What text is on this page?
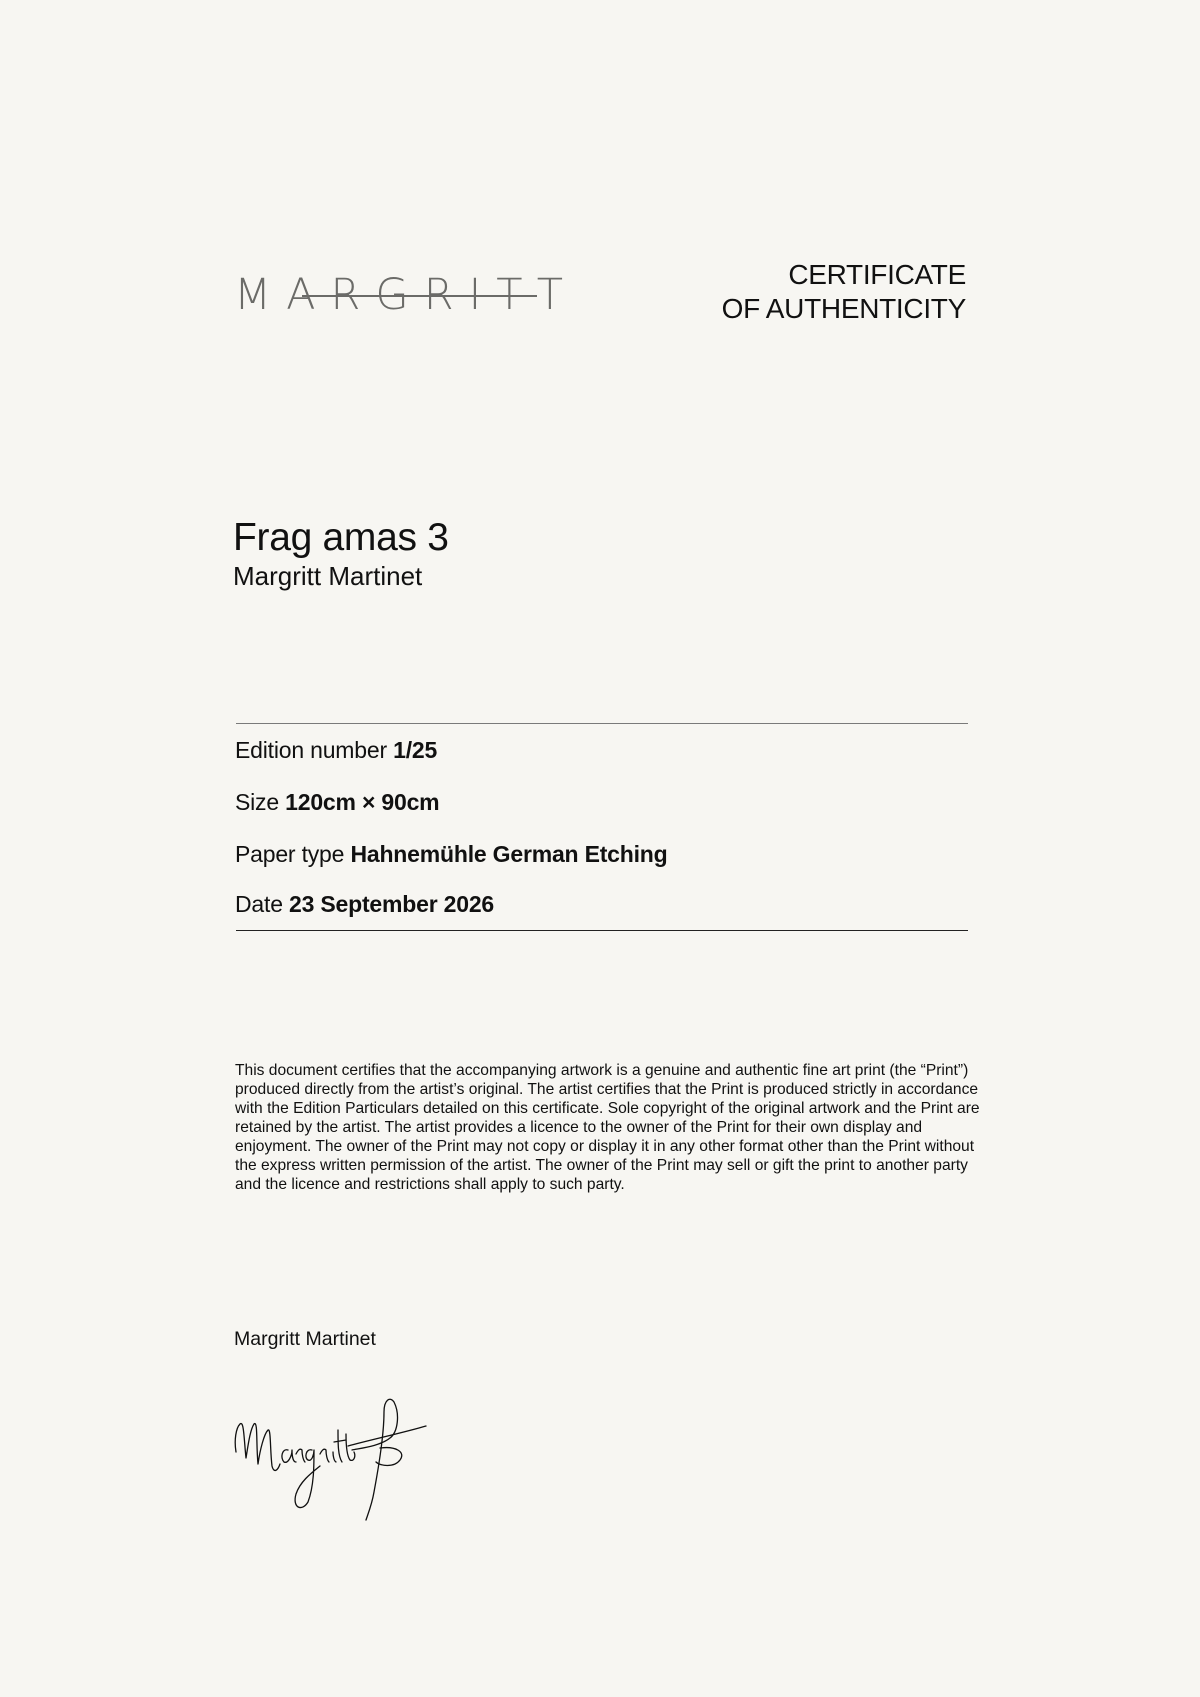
MARGRITT	CERTIFICATE
OF AUTHENTICITY
Frag amas 3
Margritt Martinet
Edition number 1/25
Size 120cm × 90cm
Paper type Hahnemühle German Etching
Date 23 September 2026

This document certifies that the accompanying artwork is a genuine and authentic fine art print (the “Print”) produced directly from the artist’s original. The artist certifies that the Print is produced strictly in accordance with the Edition Particulars detailed on this certificate. Sole copyright of the original artwork and the Print are retained by the artist. The artist provides a licence to the owner of the Print for their own display and enjoyment. The owner of the Print may not copy or display it in any other format other than the Print without the express written permission of the artist. The owner of the Print may sell or gift the print to another party and the licence and restrictions shall apply to such party.

Margritt Martinet
